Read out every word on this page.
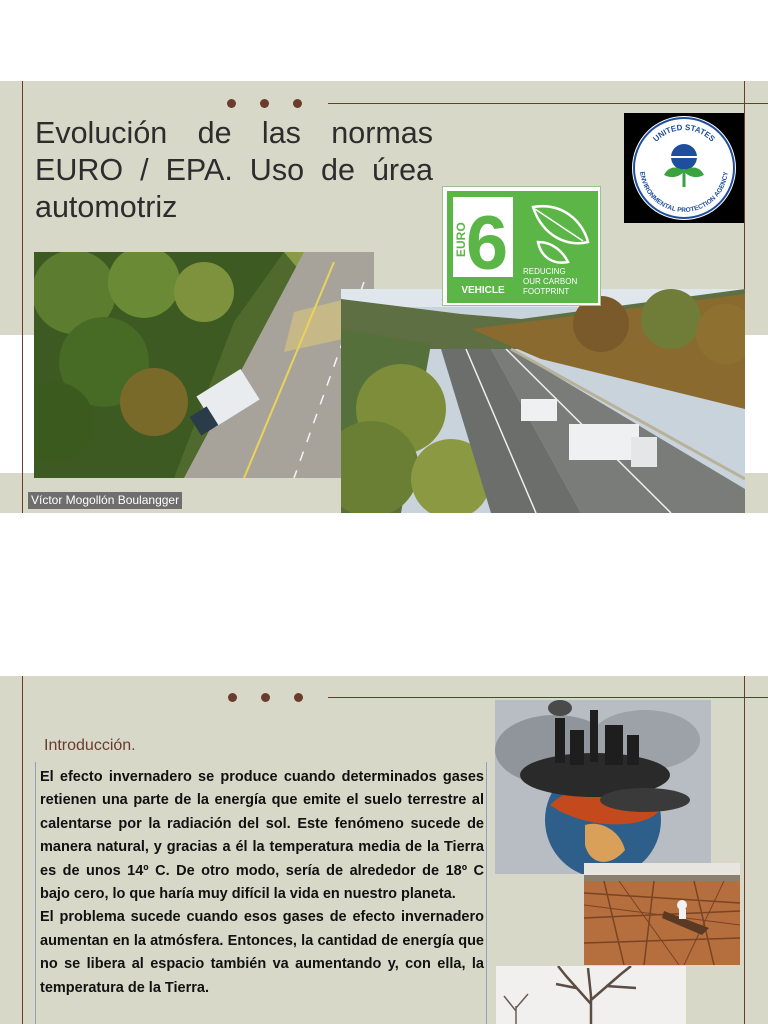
Evolución de las normas EURO / EPA. Uso de úrea automotriz	6
EURO
VEHICLE
REDUCING
OUR CARBON
FOOTPRINT
UNITED STATES
ENVIRONMENTAL PROTECTION AGENCY
Víctor Mogollón Boulangger
Introducción.

El efecto invernadero se produce cuando determinados gases retienen una parte de la energía que emite el suelo terrestre al calentarse por la radiación del sol. Este fenómeno sucede de manera natural, y gracias a él la temperatura media de la Tierra es de unos 14º C. De otro modo, sería de alrededor de 18º C bajo cero, lo que haría muy difícil la vida en nuestro planeta.

El problema sucede cuando esos gases de efecto invernadero aumentan en la atmósfera. Entonces, la cantidad de energía que no se libera al espacio también va aumentando y, con ella, la temperatura de la Tierra.
